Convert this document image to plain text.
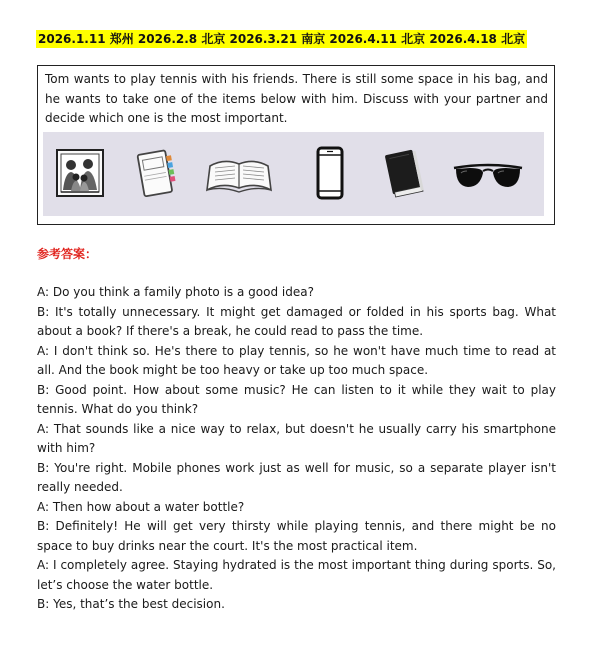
2026.1.11 郑州 2026.2.8 北京 2026.3.21 南京 2026.4.11 北京 2026.4.18 北京

Tom wants to play tennis with his friends. There is still some space in his bag, and he wants to take one of the items below with him. Discuss with your partner and decide which one is the most important.

参考答案：

A: Do you think a family photo is a good idea?

B: It's totally unnecessary. It might get damaged or folded in his sports bag. What about a book? If there's a break, he could read to pass the time.

A: I don't think so. He's there to play tennis, so he won't have much time to read at all. And the book might be too heavy or take up too much space.

B: Good point. How about some music? He can listen to it while they wait to play tennis. What do you think?

A: That sounds like a nice way to relax, but doesn't he usually carry his smartphone with him?

B: You're right. Mobile phones work just as well for music, so a separate player isn't really needed.

A: Then how about a water bottle?

B: Definitely! He will get very thirsty while playing tennis, and there might be no space to buy drinks near the court. It's the most practical item.

A: I completely agree. Staying hydrated is the most important thing during sports. So, let’s choose the water bottle.

B: Yes, that’s the best decision.
